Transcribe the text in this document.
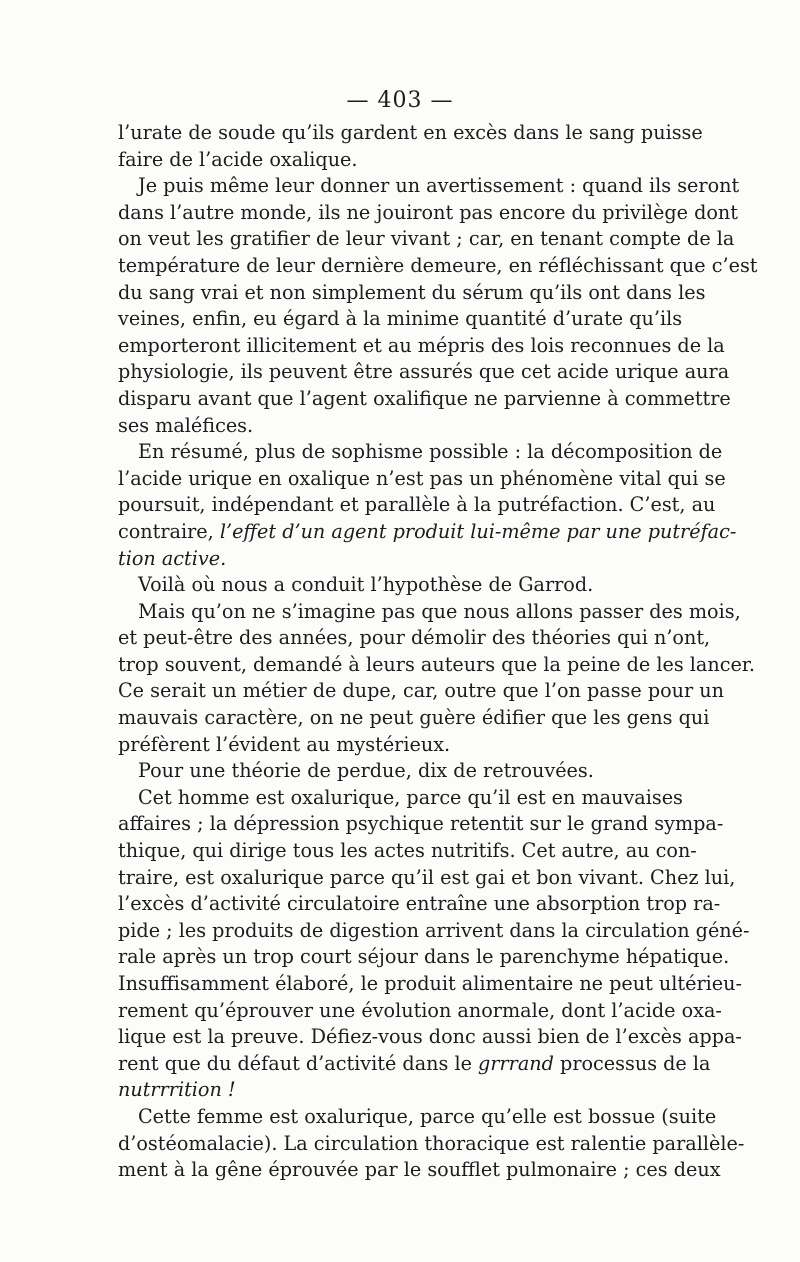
— 403 —
l’urate de soude qu’ils gardent en excès dans le sang puisse
faire de l’acide oxalique.
Je puis même leur donner un avertissement : quand ils seront
dans l’autre monde, ils ne jouiront pas encore du privilège dont
on veut les gratifier de leur vivant ; car, en tenant compte de la
température de leur dernière demeure, en réfléchissant que c’est
du sang vrai et non simplement du sérum qu’ils ont dans les
veines, enfin, eu égard à la minime quantité d’urate qu’ils
emporteront illicitement et au mépris des lois reconnues de la
physiologie, ils peuvent être assurés que cet acide urique aura
disparu avant que l’agent oxalifique ne parvienne à commettre
ses maléfices.
En résumé, plus de sophisme possible : la décomposition de
l’acide urique en oxalique n’est pas un phénomène vital qui se
poursuit, indépendant et parallèle à la putréfaction. C’est, au
contraire, l’effet d’un agent produit lui-même par une putréfac-
tion active.
Voilà où nous a conduit l’hypothèse de Garrod.
Mais qu’on ne s’imagine pas que nous allons passer des mois,
et peut-être des années, pour démolir des théories qui n’ont,
trop souvent, demandé à leurs auteurs que la peine de les lancer.
Ce serait un métier de dupe, car, outre que l’on passe pour un
mauvais caractère, on ne peut guère édifier que les gens qui
préfèrent l’évident au mystérieux.
Pour une théorie de perdue, dix de retrouvées.
Cet homme est oxalurique, parce qu’il est en mauvaises
affaires ; la dépression psychique retentit sur le grand sympa-
thique, qui dirige tous les actes nutritifs. Cet autre, au con-
traire, est oxalurique parce qu’il est gai et bon vivant. Chez lui,
l’excès d’activité circulatoire entraîne une absorption trop ra-
pide ; les produits de digestion arrivent dans la circulation géné-
rale après un trop court séjour dans le parenchyme hépatique.
Insuffisamment élaboré, le produit alimentaire ne peut ultérieu-
rement qu’éprouver une évolution anormale, dont l’acide oxa-
lique est la preuve. Défiez-vous donc aussi bien de l’excès appa-
rent que du défaut d’activité dans le grrrand processus de la
nutrrrition !
Cette femme est oxalurique, parce qu’elle est bossue (suite
d’ostéomalacie). La circulation thoracique est ralentie parallèle-
ment à la gêne éprouvée par le soufflet pulmonaire ; ces deux
